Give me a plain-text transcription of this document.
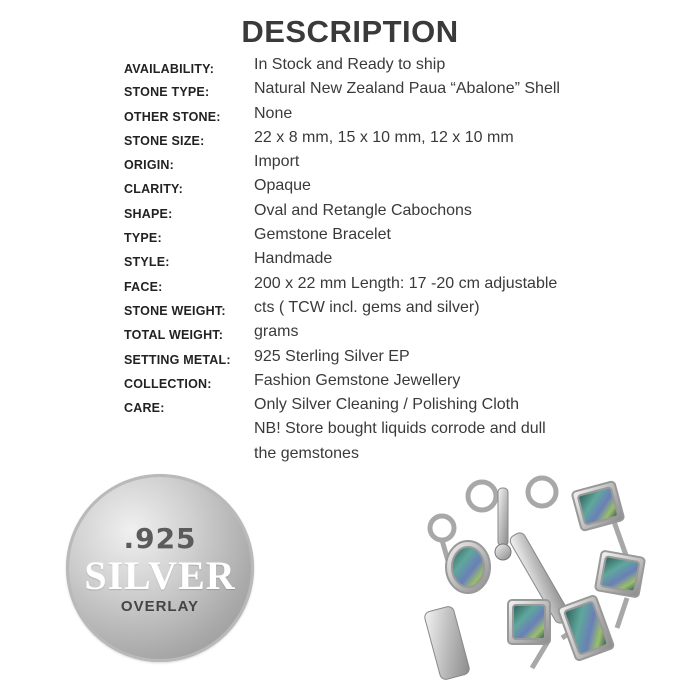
DESCRIPTION
AVAILABILITY: In Stock and Ready to ship
STONE TYPE:	Natural New Zealand Paua “Abalone” Shell
OTHER STONE: None
STONE SIZE:	22 x 8 mm, 15 x 10 mm, 12 x 10 mm
ORIGIN:	Import
CLARITY:	Opaque
SHAPE:	Oval and Retangle Cabochons
TYPE:	Gemstone Bracelet
STYLE:	Handmade
FACE:	200 x 22 mm Length: 17 -20 cm adjustable
STONE WEIGHT: cts ( TCW incl. gems and silver)
TOTAL WEIGHT: grams
SETTING METAL: 925 Sterling Silver EP
COLLECTION:	Fashion Gemstone Jewellery
CARE:	Only Silver Cleaning / Polishing Cloth
NB! Store bought liquids corrode and dull
the gemstones
.925
SILVER
OVERLAY
